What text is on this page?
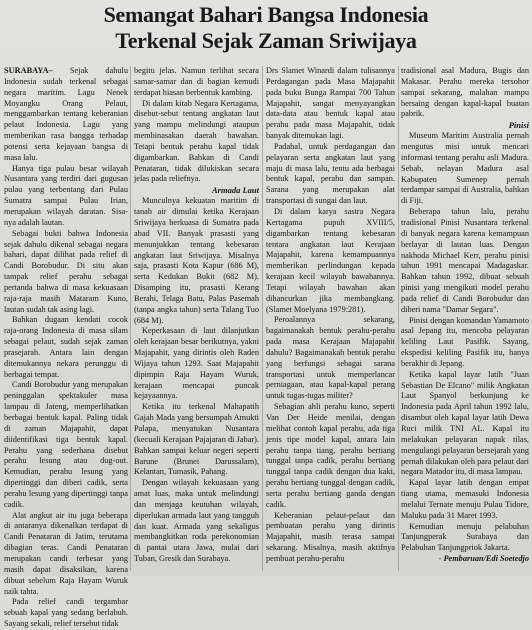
Semangat Bahari Bangsa Indonesia
Terkenal Sejak Zaman Sriwijaya

SURABAYA– Sejak dahulu Indonesia sudah terkenal sebagai negara maritim. Lagu Nenek Moyangku Orang Pelaut, menggambarkan tentang keberanian pelaut Indonesia. Lagu yang memberikan rasa bangga terhadap potensi serta kejayaan bangsa di masa lalu.

Hanya tiga pulau besar wilayah Nusantara yang terdiri dari gugusan pulau yang terbentang dari Pulau Sumatra sampai Pulau Irian, merupakan wilayah daratan. Sisa-nya adalah lautan.

Sebagai bukti bahwa Indonesia sejak dahulu dikenal sebagai negara bahari, dapat dilihat pada relief di Candi Borobudur. Di situ akan tampak relief perahu sebagai pertanda bahwa di masa kekuasaan raja-raja masih Mataram Kuno, lautan sudah tak asing lagi.

Bahkan dugaan kendati cocok raja-orang Indonesia di masa silam sebagai pelaut, sudah sejak zaman prasejarah. Antara lain dengan ditemukannya nekara perunggu di berbagai tempat.

Candi Borobudur yang merupakan peninggalan spektakuler masa lampau di Jateng, memperlihatkan berbagai bentuk kapal. Paling tidak di zaman Majapahit, dapat diidentifikasi tiga bentuk kapal. Perahu yang sederhana disebut perahu lesung atau dug-out. Kemudian, perahu lesung yang dipertinggi dan diberi cadik, serta perahu lesung yang dipertinggi tanpa cadik.

Alat angkut air itu juga beberapa di antaranya dikenalkan terdapat di Candi Penataran di Jatim, terutama dibagian teras. Candi Penataran merupakan candi terbesar yang masih dapat disaksikan, karena dibuat sebelum Raja Hayam Wuruk naik tahta.

Pada relief candi tergambar sebuah kapal yang sedang berlabuh. Sayang sekali, relief tersebut tidak

begitu jelas. Namun terlihat secara samar-samar dan di bagian kemudi terdapat hiasan berbentuk kambing.

Di dalam kitab Negara Kertagama, disebut-sebut tentang angkatan laut yang mampu melindungi ataupun membinasakan daerah bawahan. Tetapi bentuk perahu kapal tidak digambarkan. Bahkan di Candi Penataran, tidak dilukiskan secara jelas pada reliefnya.

Armada Laut

Munculnya kekuatan maritim di tanah air dimulai ketika Kerajaan Sriwijaya berkuasa di Sumatra pada abad VII. Banyak prasasti yang menunjukkan tentang kebesaran angkatan laut Sriwijaya. Misalnya saja, prasasti Kota Kapur (686 M), serta Kedukan Bukit (682 M). Disamping itu, prasasti Kerang Berahi, Telaga Batu, Palas Pasemah (tanpa angka tahun) serta Talang Tuo (684 M).

Keperkasaan di laut dilanjutkan oleh kerajaan besar berikutnya, yakni Majapahit, yang dirintis oleh Raden Wijaya tahun 1293. Saat Majapahit dipimpin Raja Hayam Wuruk, kerajaan mencapai puncak kejayaannya.

Ketika itu terkenal Mahapatih Gajah Mada yang bersumpah Amukti Palapa, menyatukan Nusantara (kecuali Kerajaan Pajajaran di Jabar). Bahkan sampai keluar negeri seperti Barune (Brunei Darussalam), Kelantan, Tumasik, Pahang.

Dengan wilayah kekuasaan yang amat luas, maka untuk melindungi dan menjaga keutuhan wilayah, diperlukan armada laut yang tangguh dan kuat. Armada yang sekaligus membangkitkan roda perekonomian di pantai utara Jawa, mulai dari Tuban, Gresik dan Surabaya.

Drs Slamet Winardi dalam tulisannya Perdagangan pada Masa Majapahit pada buku Bunga Rampai 700 Tahun Majapahit, sangat menyayangkan data-data atau bentuk kapal atau perahu pada masa Majapahit, tidak banyak ditemukan lagi.

Padahal, untuk perdagangan dan pelayaran serta angkatan laut yang maju di masa lalu, tentu ada berbagai bentuk kapal, perahu dan sampan. Sarana yang merupakan alat transportasi di sungai dan laut.

Di dalam karya sastra Negara Kertagama pupuh XVIII/5, digambarkan tentang kebesaran tentara angkatan laut Kerajaan Majapahit, karena kemampuannya memberikan perlindungan kepada kerajaan kecil wilayah bawahannya. Tetapi wilayah bawahan akan dihancurkan jika membangkang. (Slamet Moelyana 1979:281).

Peroalannya sekarang, bagaimanakah bentuk perahu-perahu pada masa Kerajaan Majapahit dahulu? Bagaimanakah bentuk perahu yang berfungsi sebagai sarana transportasi untuk memperlancar perniagaan, atau kapal-kapal perang untuk tugas-tugas militer?

Sebagian ahli perahu kuno, seperti Van Der Heide menilai, dengan melihat contoh kapal perahu, ada tiga jenis tipe model kapal, antara lain perahu tanpa tiang, perahu bertiang tunggal tanpa cadik, perahu bertiang tunggal tanpa cadik dengan dua kaki, perahu bertiang tunggal dengan cadik, serta perahu bertiang ganda dengan cadik.

Keberanian pelaut-pelaut dan pembuatan perahu yang dirintis Majapahit, masih terasa sampai sekarang. Misalnya, masih aktifnya pembuat perahu-perahu

tradisional asal Madura, Bugis dan Makasar. Perahu mereka tersohor sampai sekarang, malahan mampu bersaing dengan kapal-kapal buatan pabrik.

Pinisi

Museum Maritim Australia pernah mengutus misi untuk mencari informasi tentang perahu asli Madura. Sebab, nelayan Madura asal Kabupaten Sumenep pernah terdampar sampai di Australia, bahkan di Fiji.

Beberapa tahun lalu, perahu tradisional Pinisi Nusantara terkenal di banyak negara karena kemampuan berlayar di lautan luas. Dengan nakhoda Michael Kerr, perahu pinisi tahun 1991 mencapai Madagaskar. Bahkan tahun 1992, dibuat sebuah pinisi yang mengikuti model perahu pada relief di Candi Borobudur dan diberi nama "Damar Segara".

Pinisi dengan komandan Yamamoto asal Jepang itu, mencoba pelayaran keliling Laut Pasifik. Sayang, ekspedisi keliling Pasifik itu, hanya berakhir di Jepang.

Ketika kapal layar latih "Juan Sebastian De Elcano" milik Angkatan Laut Spanyol berkunjung ke Indonesia pada April tahun 1992 lalu, disambut oleh kapal layar latih Dewa Ruci milik TNI AL. Kapal itu melakukan pelayaran napak tilas, mengulangi pelayaran bersejarah yang pernah dilakukan oleh para pelaut dari negara Matador itu, di masa lampau.

Kapal layar latih dengan empat tiang utama, memasuki Indonesia melalui Ternate menuju Pulau Tidore, Maluku pada 31 Maret 1993.

Kemudian menuju pelabuhan Tanjungperak Surabaya dan Pelabuhan Tanjungpriok Jakarta.

- Pembaruan/Edi Soetedjo
